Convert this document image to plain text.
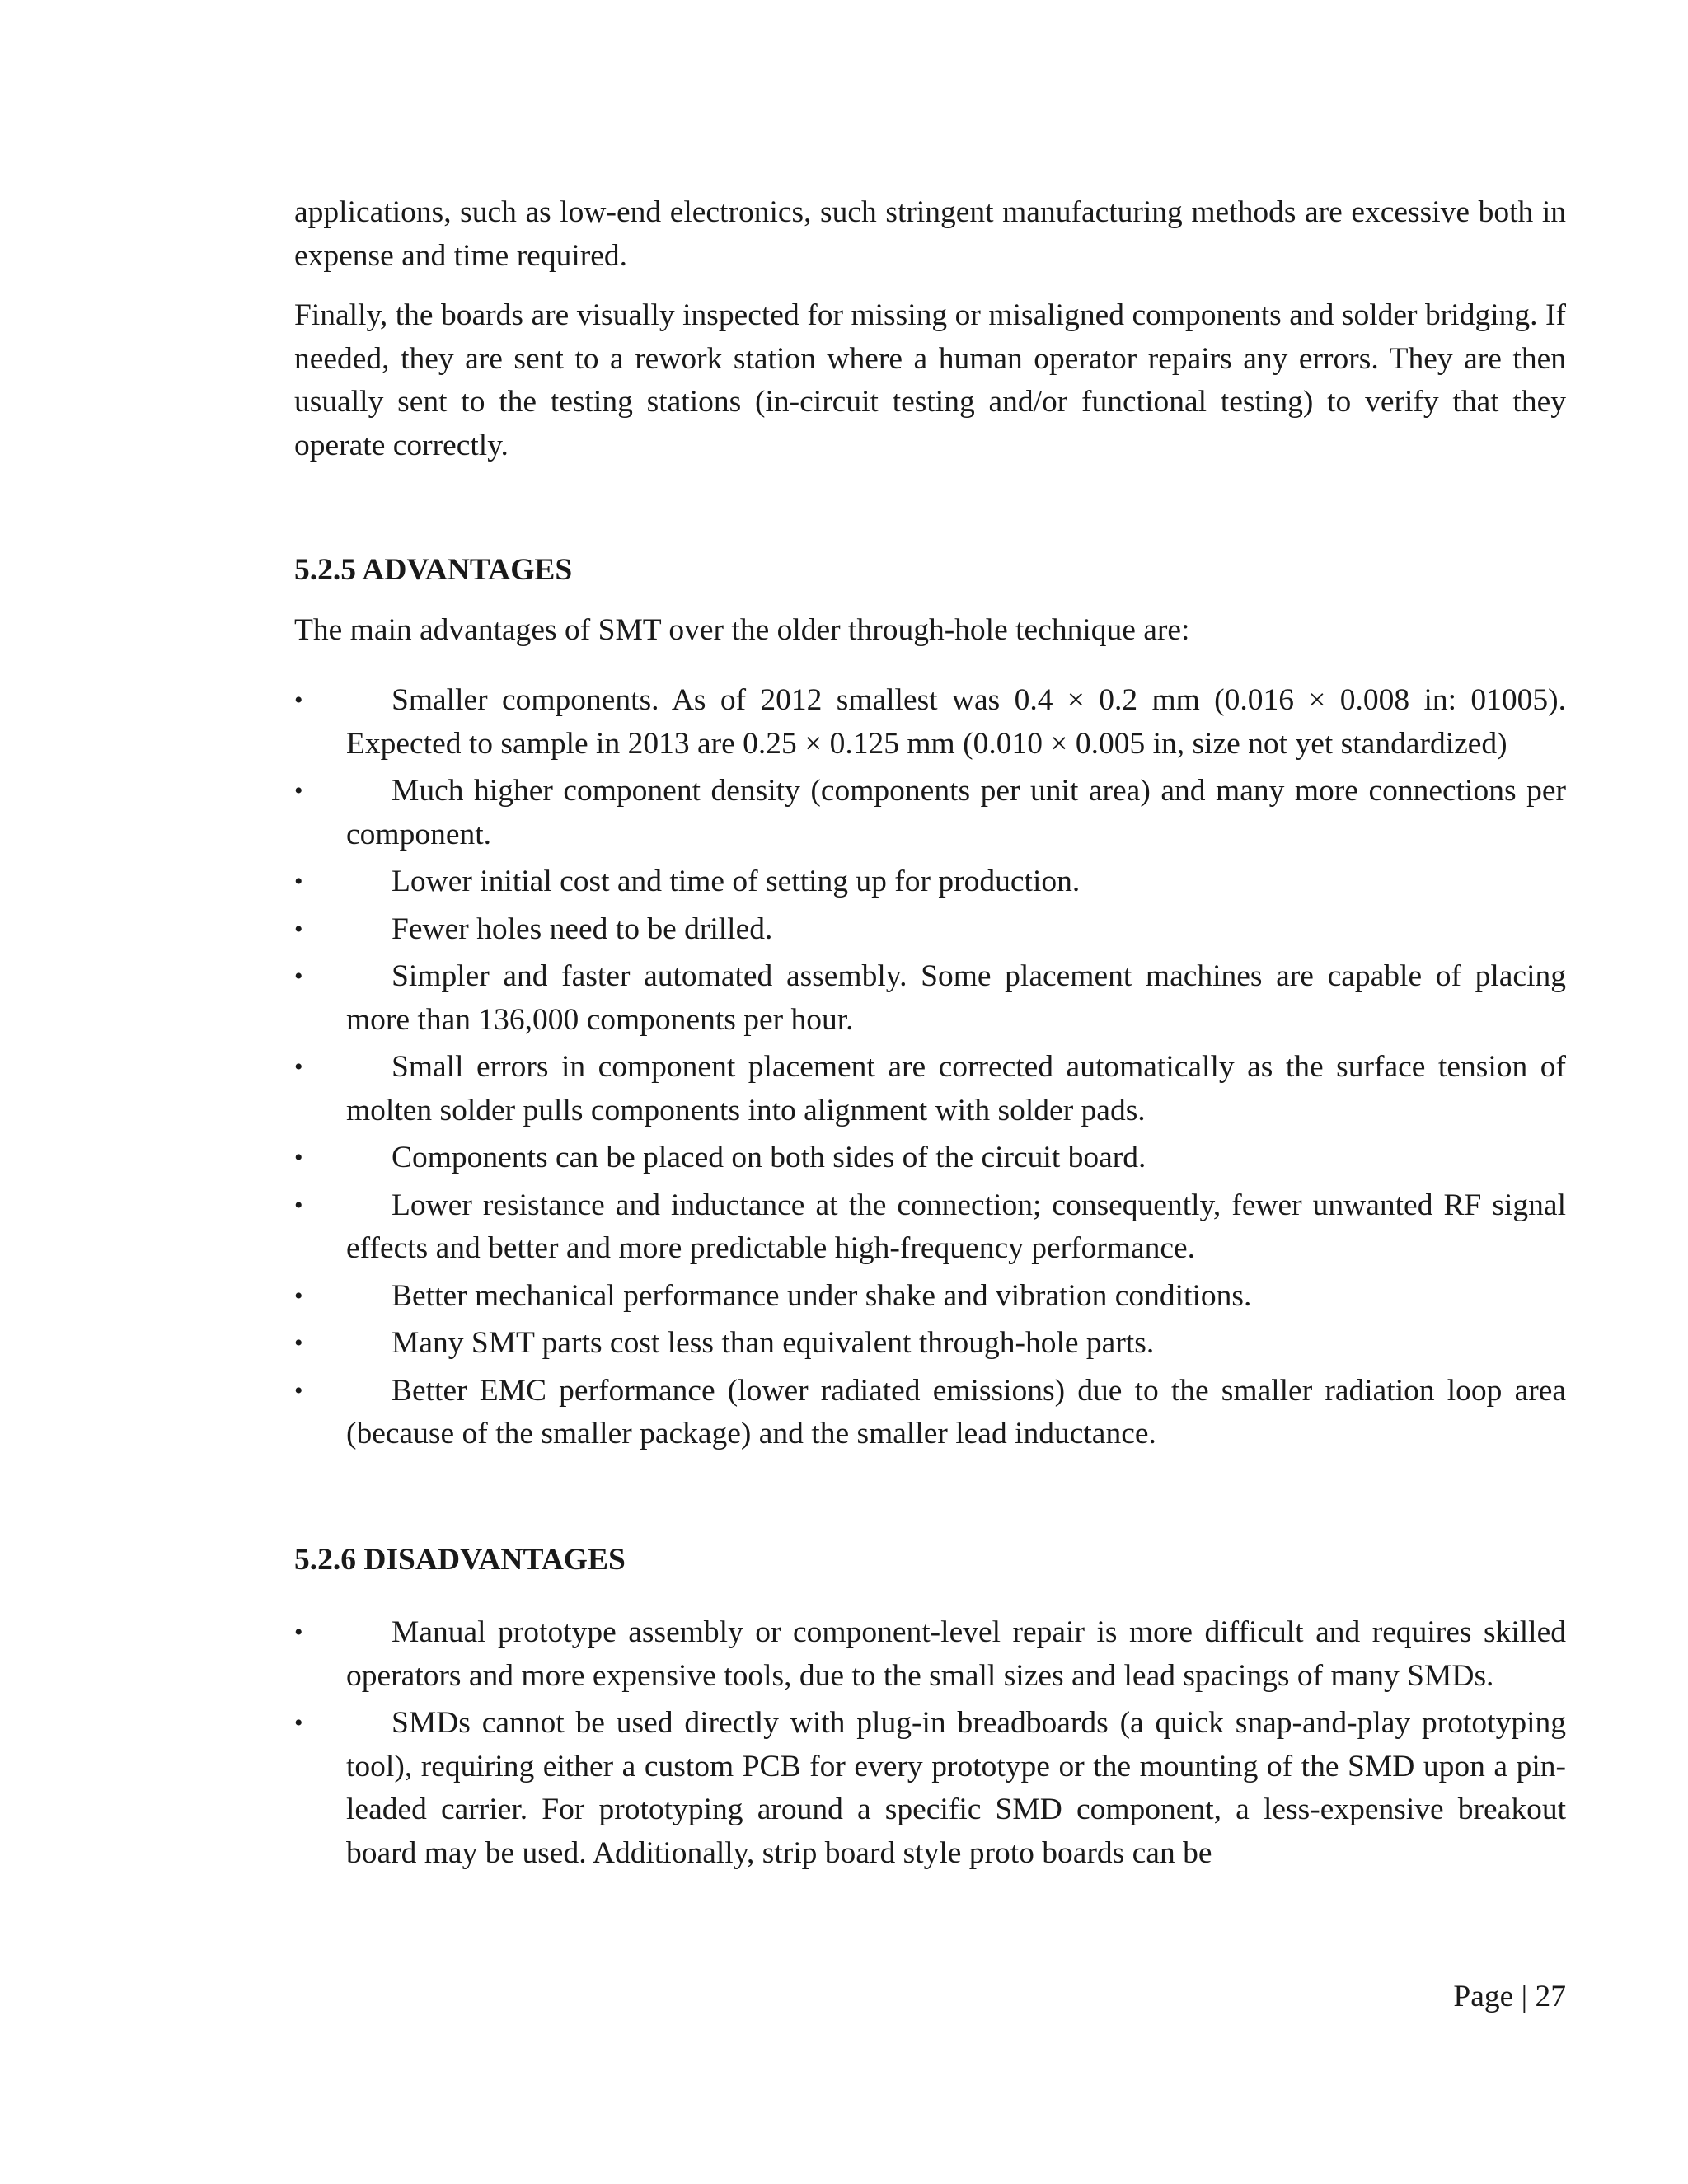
applications, such as low-end electronics, such stringent manufacturing methods are excessive both in expense and time required.

Finally, the boards are visually inspected for missing or misaligned components and solder bridging. If needed, they are sent to a rework station where a human operator repairs any errors. They are then usually sent to the testing stations (in-circuit testing and/or functional testing) to verify that they operate correctly.

5.2.5 ADVANTAGES

The main advantages of SMT over the older through-hole technique are:

•	Smaller components. As of 2012 smallest was 0.4 × 0.2 mm (0.016 × 0.008 in: 01005). Expected to sample in 2013 are 0.25 × 0.125 mm (0.010 × 0.005 in, size not yet standardized)
•	Much higher component density (components per unit area) and many more connections per component.
•	Lower initial cost and time of setting up for production.
•	Fewer holes need to be drilled.
•	Simpler and faster automated assembly. Some placement machines are capable of placing more than 136,000 components per hour.
•	Small errors in component placement are corrected automatically as the surface tension of molten solder pulls components into alignment with solder pads.
•	Components can be placed on both sides of the circuit board.
•	Lower resistance and inductance at the connection; consequently, fewer unwanted RF signal effects and better and more predictable high-frequency performance.
•	Better mechanical performance under shake and vibration conditions.
•	Many SMT parts cost less than equivalent through-hole parts.
•	Better EMC performance (lower radiated emissions) due to the smaller radiation loop area (because of the smaller package) and the smaller lead inductance.
5.2.6 DISADVANTAGES
•	Manual prototype assembly or component-level repair is more difficult and requires skilled operators and more expensive tools, due to the small sizes and lead spacings of many SMDs.
•	SMDs cannot be used directly with plug-in breadboards (a quick snap-and-play prototyping tool), requiring either a custom PCB for every prototype or the mounting of the SMD upon a pin-leaded carrier. For prototyping around a specific SMD component, a less-expensive breakout board may be used. Additionally, strip board style proto boards can be
Page | 27
